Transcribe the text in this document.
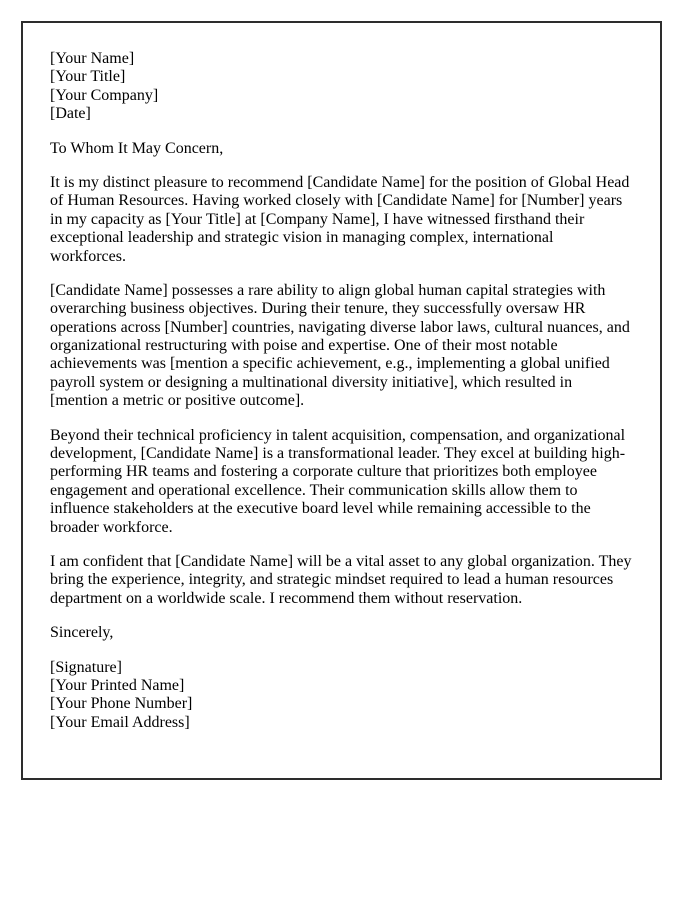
[Your Name]
[Your Title]
[Your Company]
[Date]

To Whom It May Concern,

It is my distinct pleasure to recommend [Candidate Name] for the position of Global Head of Human Resources. Having worked closely with [Candidate Name] for [Number] years in my capacity as [Your Title] at [Company Name], I have witnessed firsthand their exceptional leadership and strategic vision in managing complex, international workforces.

[Candidate Name] possesses a rare ability to align global human capital strategies with overarching business objectives. During their tenure, they successfully oversaw HR operations across [Number] countries, navigating diverse labor laws, cultural nuances, and organizational restructuring with poise and expertise. One of their most notable achievements was [mention a specific achievement, e.g., implementing a global unified payroll system or designing a multinational diversity initiative], which resulted in [mention a metric or positive outcome].

Beyond their technical proficiency in talent acquisition, compensation, and organizational development, [Candidate Name] is a transformational leader. They excel at building high-performing HR teams and fostering a corporate culture that prioritizes both employee engagement and operational excellence. Their communication skills allow them to influence stakeholders at the executive board level while remaining accessible to the broader workforce.

I am confident that [Candidate Name] will be a vital asset to any global organization. They bring the experience, integrity, and strategic mindset required to lead a human resources department on a worldwide scale. I recommend them without reservation.

Sincerely,

[Signature]
[Your Printed Name]
[Your Phone Number]
[Your Email Address]
